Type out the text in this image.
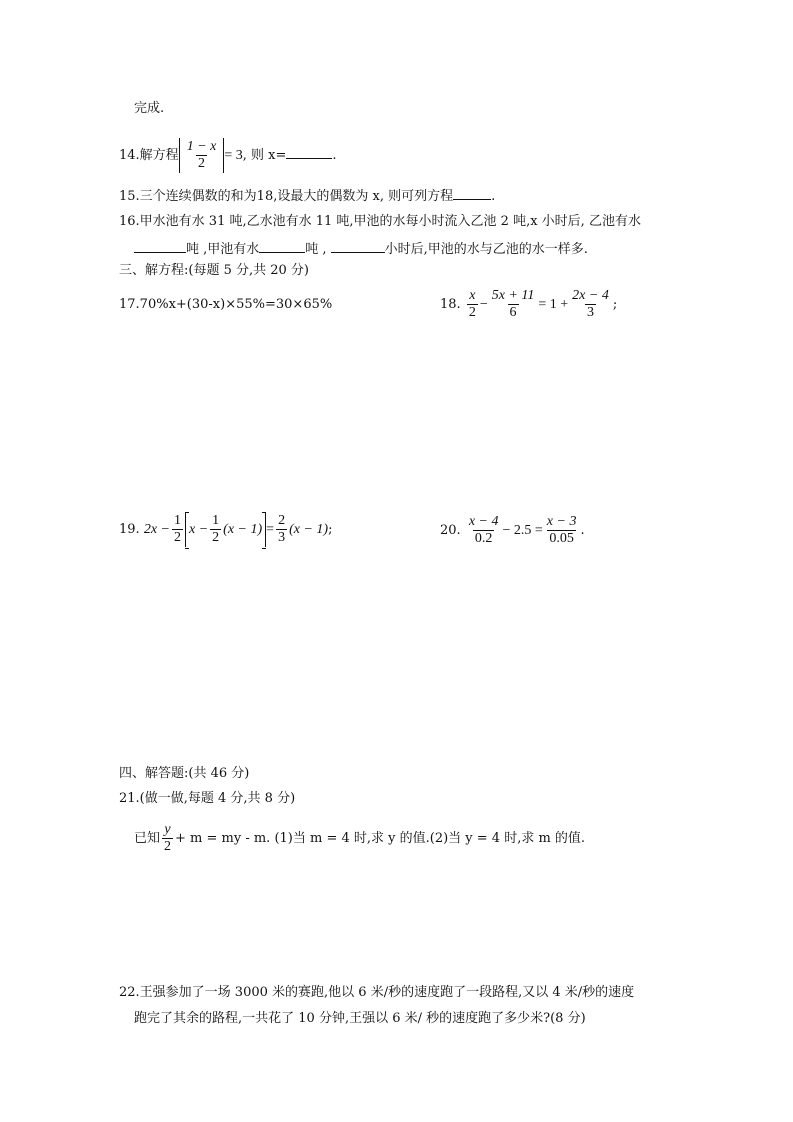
完成.
14.解方程 $\frac{1 - x}{2} = 3$, 则 x=	.
15.三个连续偶数的和为18,设最大的偶数为 x, 则可列方程	.
16.甲水池有水 31 吨,乙水池有水 11 吨,甲池的水每小时流入乙池 2 吨,x 小时后, 乙池有水
吨 ,甲池有水	吨 ,	小时后,甲池的水与乙池的水一样多.
三、解方程:(每题 5 分,共 20 分)
17.70%x+(30-x)×55%=30×65%	18. $\frac{x}{2} - \frac{5x + 11}{6} = 1 + \frac{2x - 4}{3}$ ;
19. $2x - \frac{1}{2}$ $x - \frac{1}{2} (x - 1) = \frac{2}{3} (x - 1)$;	20. $\frac{x - 4}{0.2} - 2.5 = \frac{x - 3}{0.05}$ .
四、解答题:(共 46 分)
21.(做一做,每题 4 分,共 8 分)
已知 $\frac{y}{2} + m$ = my - m. (1)当 m = 4 时,求 y 的值.(2)当 y = 4 时,求 m 的值.
22.王强参加了一场 3000 米的赛跑,他以 6 米/秒的速度跑了一段路程,又以 4 米/秒的速度
跑完了其余的路程,一共花了 10 分钟,王强以 6 米/ 秒的速度跑了多少米?(8 分)
